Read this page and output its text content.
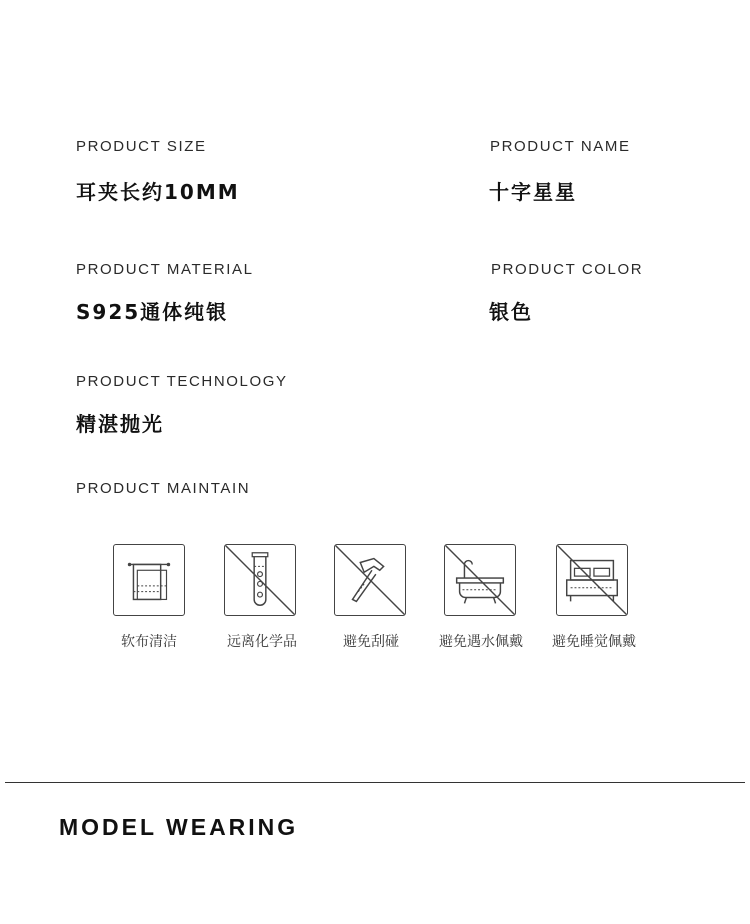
PRODUCT SIZE
耳夹长约10MM
PRODUCT NAME
十字星星
PRODUCT MATERIAL
S925通体纯银
PRODUCT COLOR
银色
PRODUCT TECHNOLOGY
精湛抛光
PRODUCT MAINTAIN
软布清洁	远离化学品	避免刮碰	避免遇水佩戴	避免睡觉佩戴
MODEL WEARING
